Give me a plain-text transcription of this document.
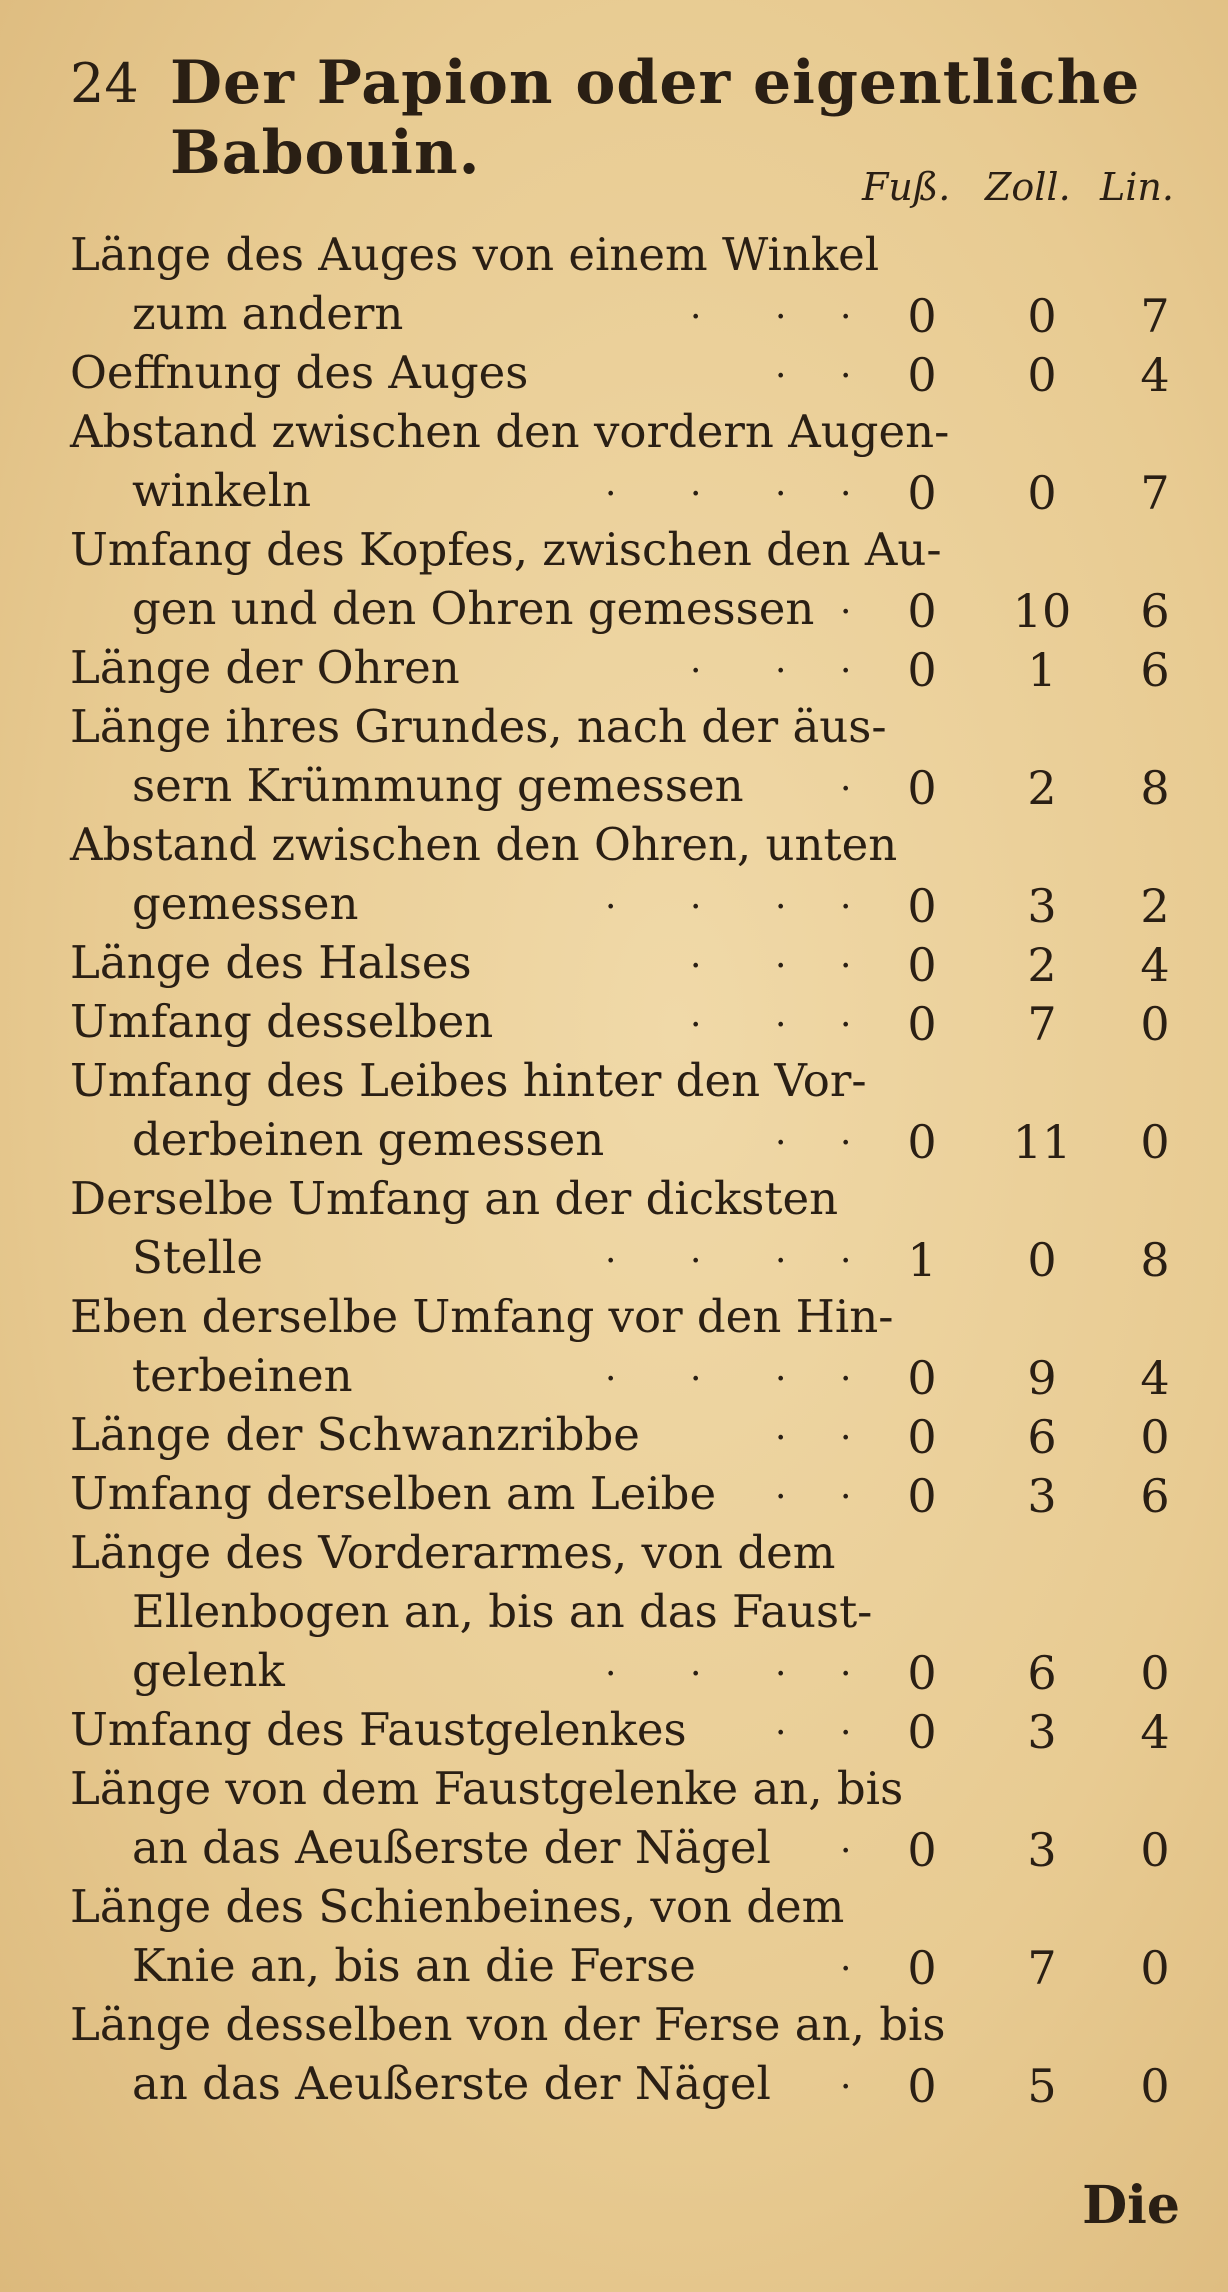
24 Der Papion oder eigentliche Babouin.	Fuß. Zoll. Lin.
Länge des Auges von einem Winkel
zum andern	· · ·	0	0	7
Oeffnung des Auges	· ·	0	0	4
Abstand zwischen den vordern Augen-
winkeln	· · · ·	0	0	7
Umfang des Kopfes, zwischen den Au-
gen und den Ohren gemessen ·	0	10	6
Länge der Ohren	· · ·	0	1	6
Länge ihres Grundes, nach der äus-
sern Krümmung gemessen	·	0	2	8
Abstand zwischen den Ohren, unten
gemessen	· · · ·	0	3	2
Länge des Halses	· · ·	0	2	4
Umfang desselben	· · ·	0	7	0
Umfang des Leibes hinter den Vor-
derbeinen gemessen	· ·	0	11	0
Derselbe Umfang an der dicksten
Stelle	· · · ·	1	0	8
Eben derselbe Umfang vor den Hin-
terbeinen	· · · ·	0	9	4
Länge der Schwanzribbe	· ·	0	6	0
Umfang derselben am Leibe · ·	0	3	6
Länge des Vorderarmes, von dem
Ellenbogen an, bis an das Faust-
gelenk	· · · ·	0	6	0
Umfang des Faustgelenkes · ·	0	3	4
Länge von dem Faustgelenke an, bis
an das Aeußerste der Nägel ·	0	3	0
Länge des Schienbeines, von dem
Knie an, bis an die Ferse	·	0	7	0
Länge desselben von der Ferse an, bis
an das Aeußerste der Nägel ·	0	5	0
Die
